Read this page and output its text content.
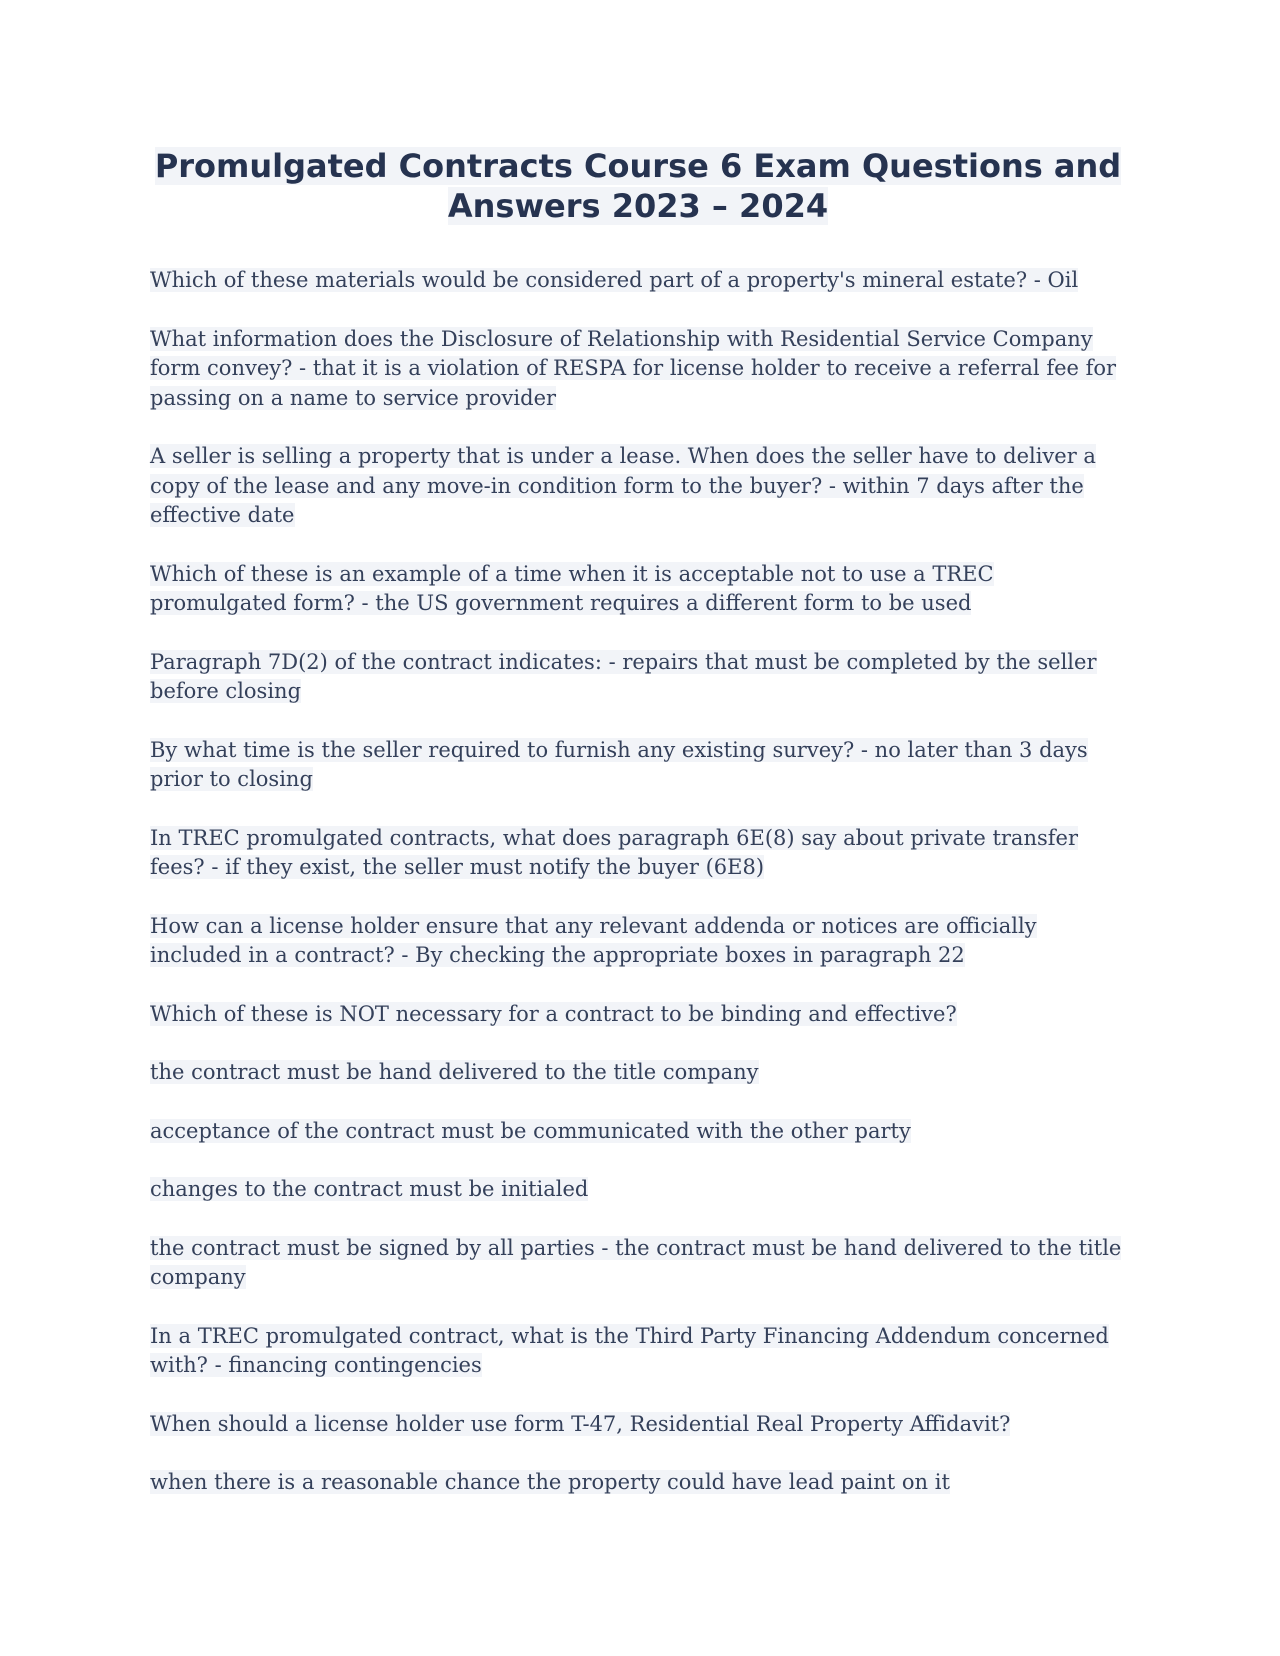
Promulgated Contracts Course 6 Exam Questions and Answers 2023 – 2024

Which of these materials would be considered part of a property's mineral estate? - Oil

What information does the Disclosure of Relationship with Residential Service Company form convey? - that it is a violation of RESPA for license holder to receive a referral fee for passing on a name to service provider

A seller is selling a property that is under a lease. When does the seller have to deliver a copy of the lease and any move-in condition form to the buyer? - within 7 days after the effective date

Which of these is an example of a time when it is acceptable not to use a TREC promulgated form? - the US government requires a different form to be used

Paragraph 7D(2) of the contract indicates: - repairs that must be completed by the seller before closing

By what time is the seller required to furnish any existing survey? - no later than 3 days prior to closing

In TREC promulgated contracts, what does paragraph 6E(8) say about private transfer fees? - if they exist, the seller must notify the buyer (6E8)

How can a license holder ensure that any relevant addenda or notices are officially included in a contract? - By checking the appropriate boxes in paragraph 22

Which of these is NOT necessary for a contract to be binding and effective?

the contract must be hand delivered to the title company

acceptance of the contract must be communicated with the other party

changes to the contract must be initialed

the contract must be signed by all parties - the contract must be hand delivered to the title company

In a TREC promulgated contract, what is the Third Party Financing Addendum concerned with? - financing contingencies

When should a license holder use form T-47, Residential Real Property Affidavit?

when there is a reasonable chance the property could have lead paint on it
